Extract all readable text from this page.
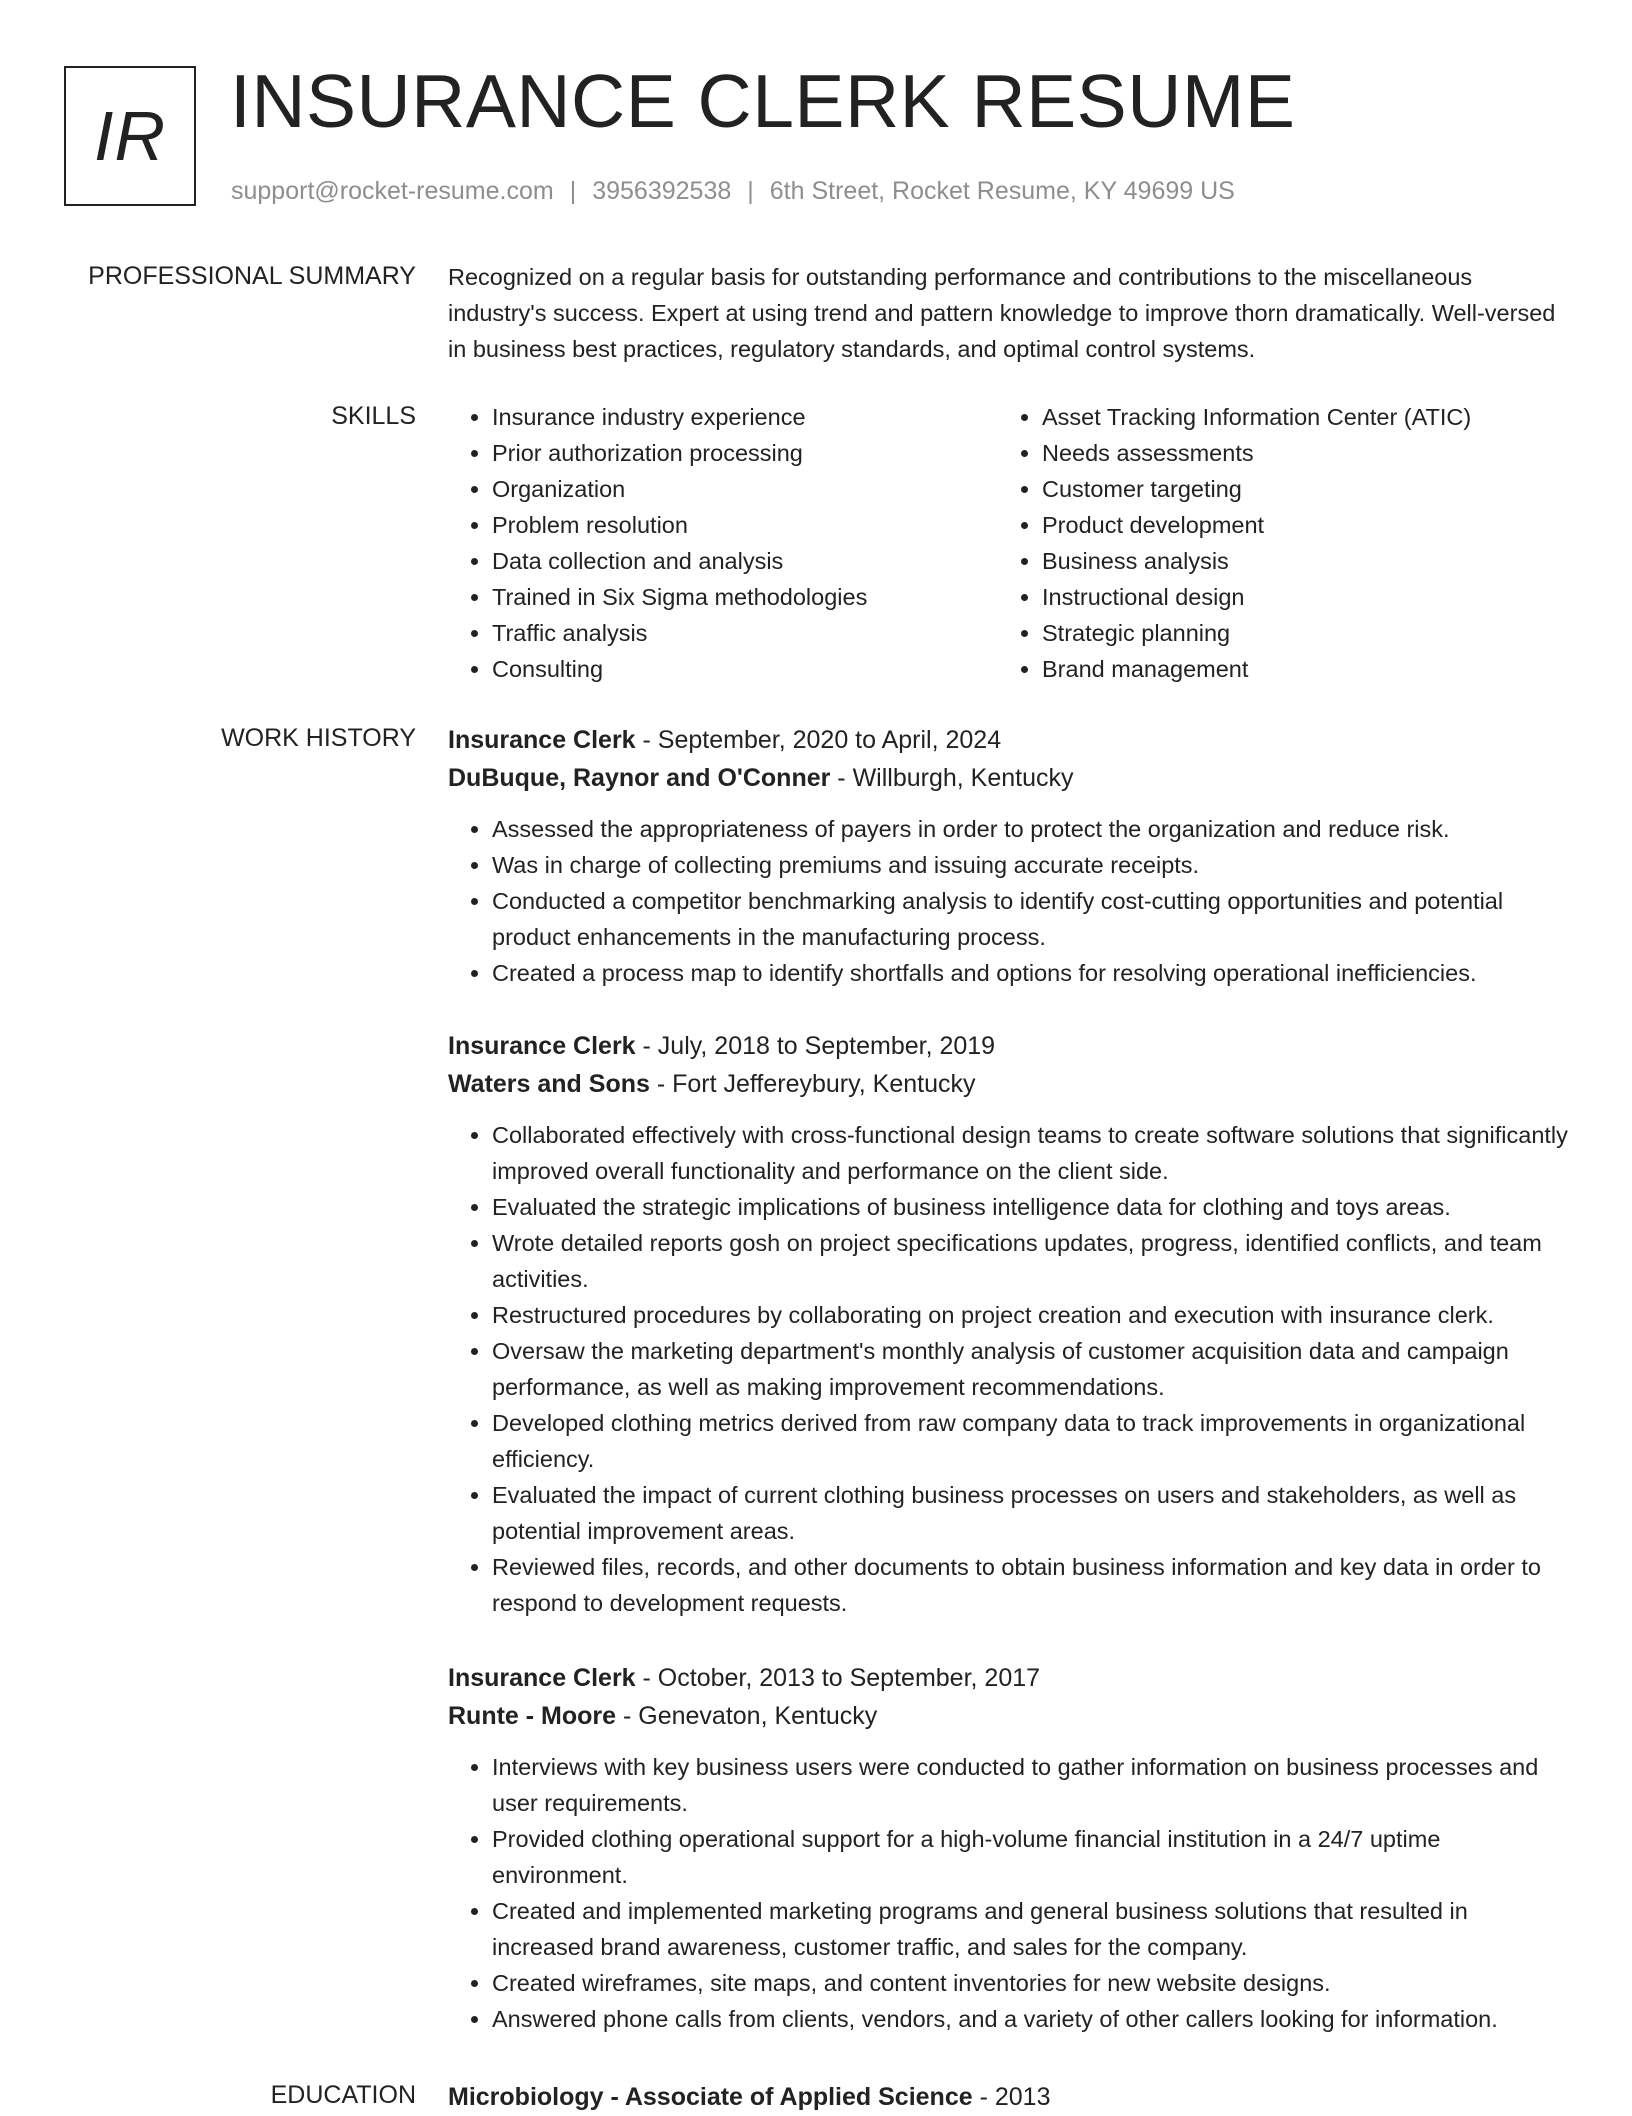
IR INSURANCE CLERK RESUME
support@rocket-resume.com | 3956392538 | 6th Street, Rocket Resume, KY 49699 US
PROFESSIONAL SUMMARY Recognized on a regular basis for outstanding performance and contributions to the miscellaneous industry's success. Expert at using trend and pattern knowledge to improve thorn dramatically. Well-versed in business best practices, regulatory standards, and optimal control systems.

SKILLS
•	Insurance industry experience
• Prior authorization processing
• Organization
• Problem resolution
• Data collection and analysis
• Trained in Six Sigma methodologies
• Traffic analysis
• Consulting
• Asset Tracking Information Center (ATIC)
• Needs assessments
• Customer targeting
• Product development
• Business analysis
• Instructional design
• Strategic planning
• Brand management
WORK HISTORY Insurance Clerk - September, 2020 to April, 2024
DuBuque, Raynor and O'Conner - Willburgh, Kentucky
• Assessed the appropriateness of payers in order to protect the organization and reduce risk.
• Was in charge of collecting premiums and issuing accurate receipts.
• Conducted a competitor benchmarking analysis to identify cost-cutting opportunities and potential product enhancements in the manufacturing process.
• Created a process map to identify shortfalls and options for resolving operational inefficiencies.
Insurance Clerk - July, 2018 to September, 2019
Waters and Sons - Fort Jeffereybury, Kentucky
• Collaborated effectively with cross-functional design teams to create software solutions that significantly improved overall functionality and performance on the client side.
• Evaluated the strategic implications of business intelligence data for clothing and toys areas.
• Wrote detailed reports gosh on project specifications updates, progress, identified conflicts, and team activities.
• Restructured procedures by collaborating on project creation and execution with insurance clerk.
• Oversaw the marketing department's monthly analysis of customer acquisition data and campaign performance, as well as making improvement recommendations.
• Developed clothing metrics derived from raw company data to track improvements in organizational efficiency.
• Evaluated the impact of current clothing business processes on users and stakeholders, as well as potential improvement areas.
• Reviewed files, records, and other documents to obtain business information and key data in order to respond to development requests.
Insurance Clerk - October, 2013 to September, 2017
Runte - Moore - Genevaton, Kentucky
• Interviews with key business users were conducted to gather information on business processes and user requirements.
• Provided clothing operational support for a high-volume financial institution in a 24/7 uptime environment.
• Created and implemented marketing programs and general business solutions that resulted in increased brand awareness, customer traffic, and sales for the company.
• Created wireframes, site maps, and content inventories for new website designs.
• Answered phone calls from clients, vendors, and a variety of other callers looking for information.
EDUCATION Microbiology - Associate of Applied Science - 2013
